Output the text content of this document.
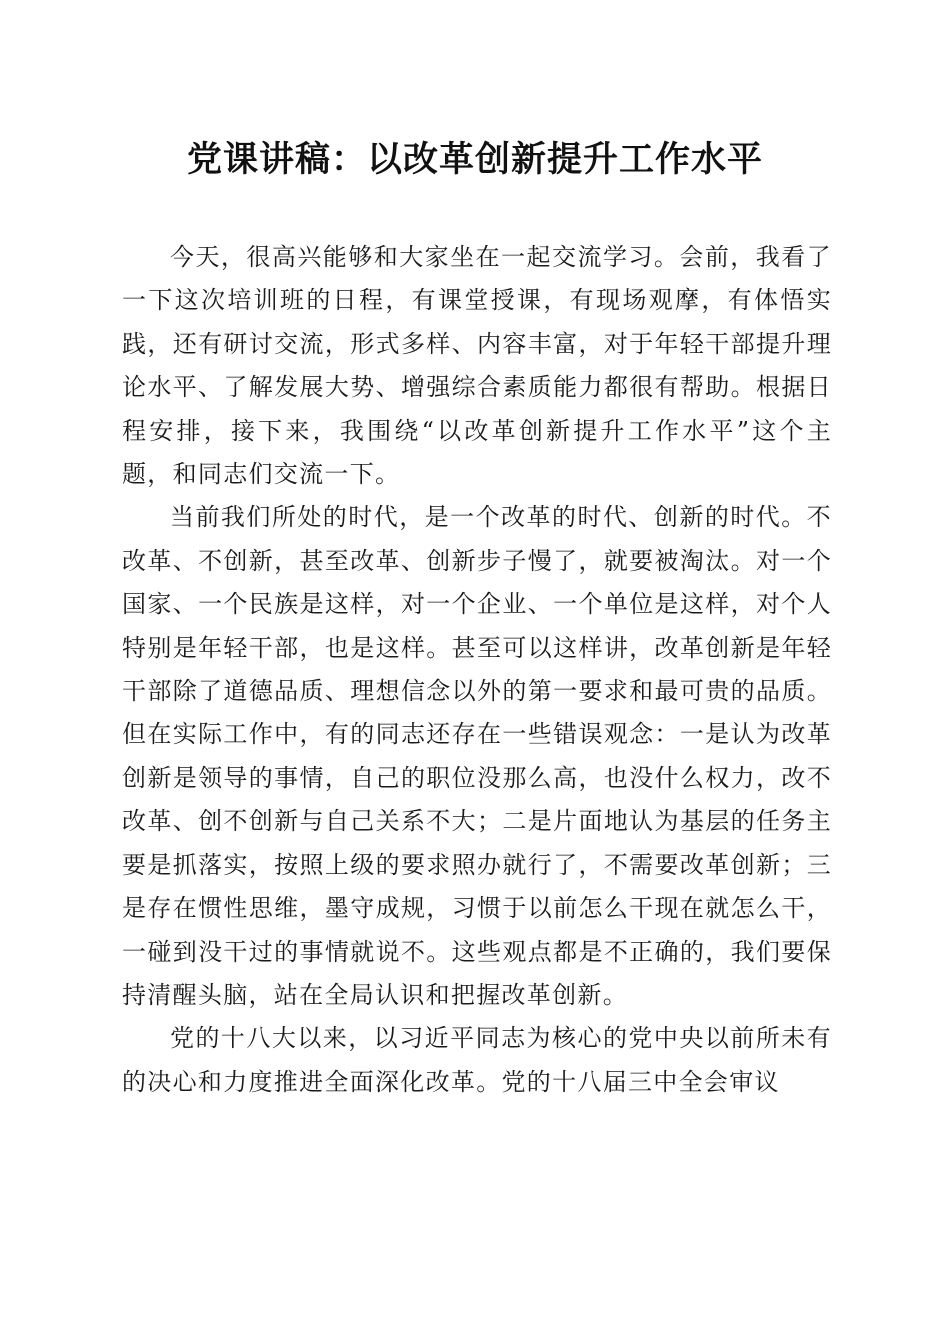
党课讲稿：以改革创新提升工作水平

今天，很高兴能够和大家坐在一起交流学习。会前，我看了一下这次培训班的日程，有课堂授课，有现场观摩，有体悟实践，还有研讨交流，形式多样、内容丰富，对于年轻干部提升理论水平、了解发展大势、增强综合素质能力都很有帮助。根据日程安排，接下来，我围绕“以改革创新提升工作水平”这个主题，和同志们交流一下。

当前我们所处的时代，是一个改革的时代、创新的时代。不改革、不创新，甚至改革、创新步子慢了，就要被淘汰。对一个国家、一个民族是这样，对一个企业、一个单位是这样，对个人特别是年轻干部，也是这样。甚至可以这样讲，改革创新是年轻干部除了道德品质、理想信念以外的第一要求和最可贵的品质。但在实际工作中，有的同志还存在一些错误观念：一是认为改革创新是领导的事情，自己的职位没那么高，也没什么权力，改不改革、创不创新与自己关系不大；二是片面地认为基层的任务主要是抓落实，按照上级的要求照办就行了，不需要改革创新；三是存在惯性思维，墨守成规，习惯于以前怎么干现在就怎么干，一碰到没干过的事情就说不。这些观点都是不正确的，我们要保持清醒头脑，站在全局认识和把握改革创新。

党的十八大以来，以习近平同志为核心的党中央以前所未有的决心和力度推进全面深化改革。党的十八届三中全会审议
